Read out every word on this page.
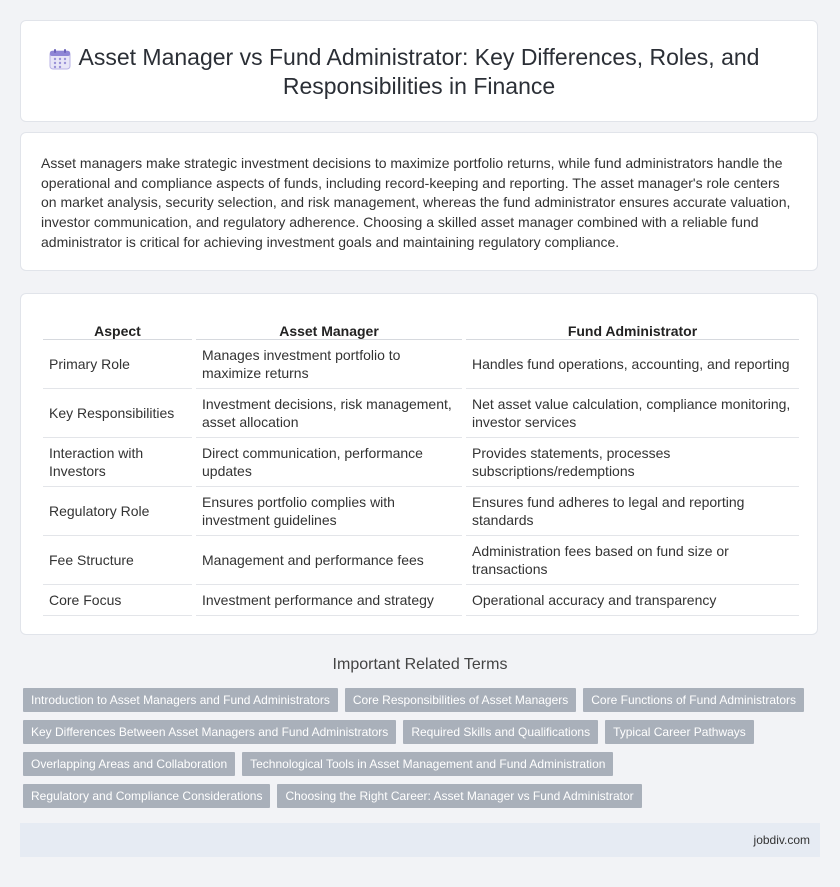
Asset Manager vs Fund Administrator: Key Differences, Roles, and Responsibilities in Finance

Asset managers make strategic investment decisions to maximize portfolio returns, while fund administrators handle the operational and compliance aspects of funds, including record-keeping and reporting. The asset manager's role centers on market analysis, security selection, and risk management, whereas the fund administrator ensures accurate valuation, investor communication, and regulatory adherence. Choosing a skilled asset manager combined with a reliable fund administrator is critical for achieving investment goals and maintaining regulatory compliance.

Aspect	Asset Manager	Fund Administrator
Primary Role	Manages investment portfolio to maximize returns	Handles fund operations, accounting, and reporting
Key Responsibilities	Investment decisions, risk management, asset allocation	Net asset value calculation, compliance monitoring, investor services
Interaction with Investors	Direct communication, performance updates	Provides statements, processes subscriptions/redemptions
Regulatory Role	Ensures portfolio complies with investment guidelines	Ensures fund adheres to legal and reporting standards
Fee Structure	Management and performance fees	Administration fees based on fund size or transactions
Core Focus	Investment performance and strategy	Operational accuracy and transparency
Important Related Terms
Introduction to Asset Managers and Fund Administrators	Core Responsibilities of Asset Managers	Core Functions of Fund Administrators
Key Differences Between Asset Managers and Fund Administrators	Required Skills and Qualifications	Typical Career Pathways
Overlapping Areas and Collaboration	Technological Tools in Asset Management and Fund Administration
Regulatory and Compliance Considerations	Choosing the Right Career: Asset Manager vs Fund Administrator
jobdiv.com
